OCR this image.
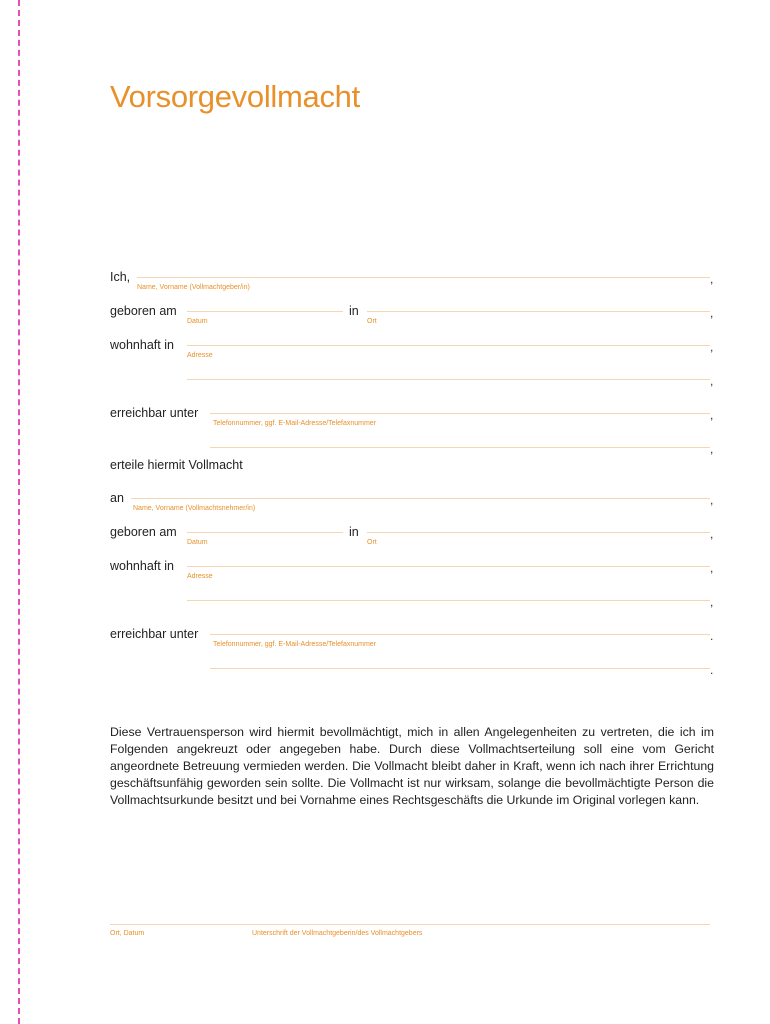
Vorsorgevollmacht
Ich,	,
Name, Vorname (Vollmachtgeber/in)
geboren am
Datum
in	,
Ort
wohnhaft in	,
Adresse
,
erreichbar unter	,
Telefonnummer, ggf. E-Mail-Adresse/Telefaxnummer
,
erteile hiermit Vollmacht
an	,
Name, Vorname (Vollmachtsnehmer/in)
geboren am
Datum
in	,
Ort
wohnhaft in	,
Adresse
,
erreichbar unter	.
Telefonnummer, ggf. E-Mail-Adresse/Telefaxnummer
.

Diese Vertrauensperson wird hiermit bevollmächtigt, mich in allen Angelegenheiten zu vertreten, die ich im Folgenden angekreuzt oder angegeben habe. Durch diese Vollmachtserteilung soll eine vom Gericht angeordnete Betreuung vermieden werden. Die Vollmacht bleibt daher in Kraft, wenn ich nach ihrer Errichtung geschäftsunfähig geworden sein sollte. Die Vollmacht ist nur wirksam, solange die bevollmächtigte Person die Vollmachtsurkunde besitzt und bei Vornahme eines Rechtsgeschäfts die Urkunde im Original vorlegen kann.

Ort, Datum	Unterschrift der Vollmachtgeberin/des Vollmachtgebers
